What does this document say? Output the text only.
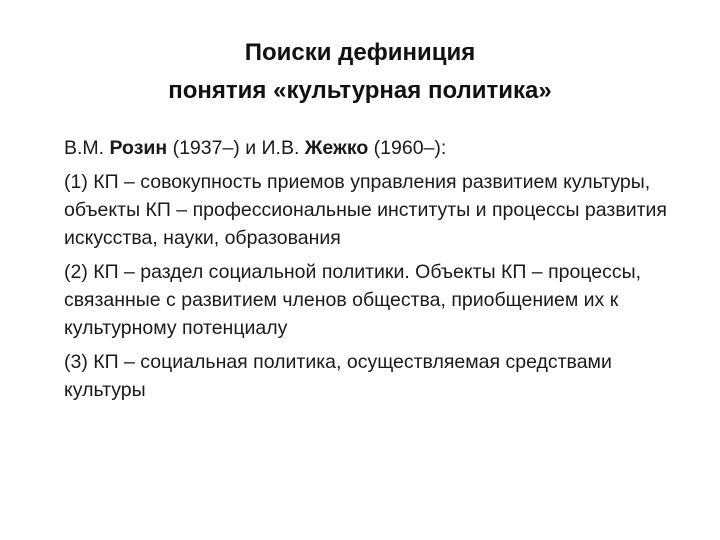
Поиски дефиниция
понятия «культурная политика»

В.М. Розин (1937–) и И.В. Жежко (1960–):

(1) КП – совокупность приемов управления развитием культуры, объекты КП – профессиональные институты и процессы развития искусства, науки, образования

(2) КП – раздел социальной политики. Объекты КП – процессы, связанные с развитием членов общества, приобщением их к культурному потенциалу

(3) КП – социальная политика, осуществляемая средствами культуры
